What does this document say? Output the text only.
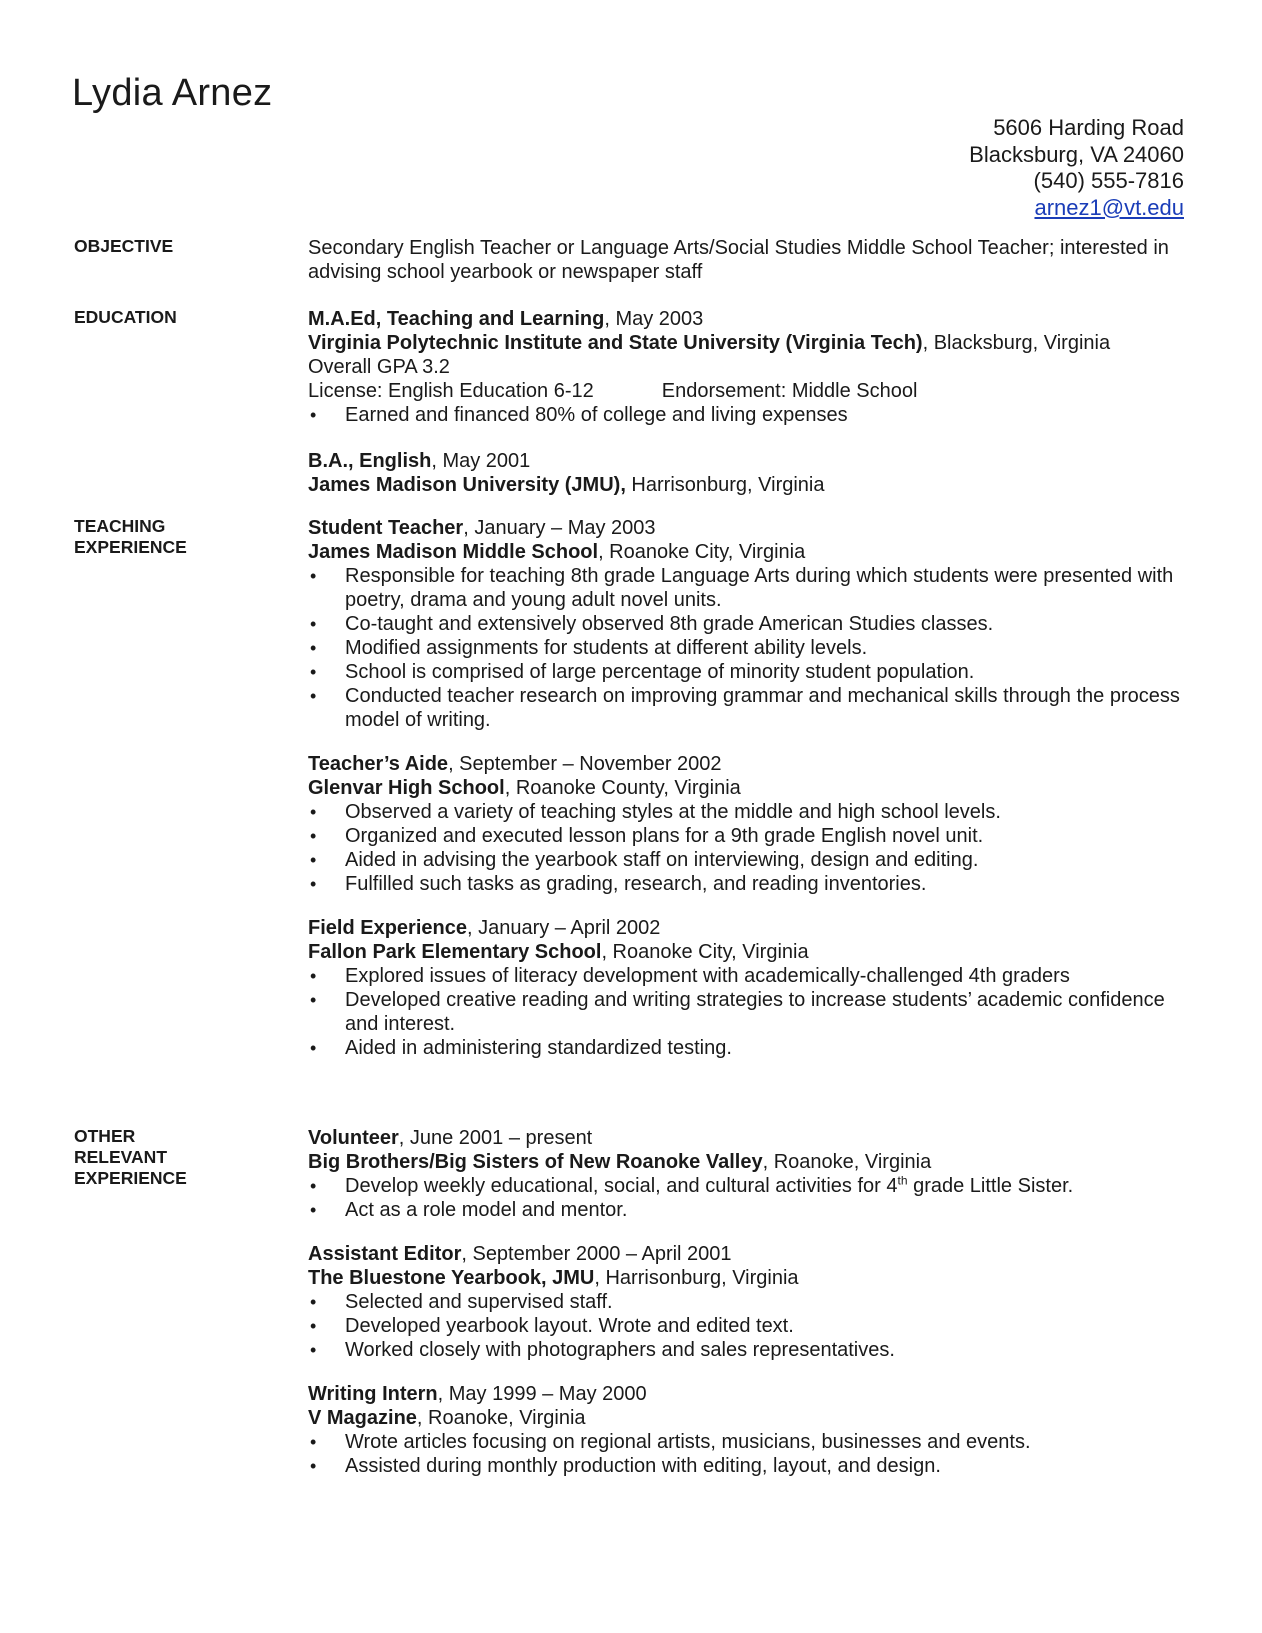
Lydia Arnez
5606 Harding Road
Blacksburg, VA 24060
(540) 555-7816
arnez1@vt.edu
OBJECTIVE	Secondary English Teacher or Language Arts/Social Studies Middle School Teacher; interested in advising school yearbook or newspaper staff
EDUCATION	M.A.Ed, Teaching and Learning, May 2003
Virginia Polytechnic Institute and State University (Virginia Tech), Blacksburg, Virginia
Overall GPA 3.2
License: English Education 6-12	Endorsement: Middle School
• Earned and financed 80% of college and living expenses
B.A., English, May 2001
James Madison University (JMU), Harrisonburg, Virginia
TEACHING
EXPERIENCE
Student Teacher, January – May 2003
James Madison Middle School, Roanoke City, Virginia
• Responsible for teaching 8th grade Language Arts during which students were presented with poetry, drama and young adult novel units.
• Co-taught and extensively observed 8th grade American Studies classes.
• Modified assignments for students at different ability levels.
• School is comprised of large percentage of minority student population.
• Conducted teacher research on improving grammar and mechanical skills through the process model of writing.
Teacher’s Aide, September – November 2002
Glenvar High School, Roanoke County, Virginia
• Observed a variety of teaching styles at the middle and high school levels.
• Organized and executed lesson plans for a 9th grade English novel unit.
• Aided in advising the yearbook staff on interviewing, design and editing.
• Fulfilled such tasks as grading, research, and reading inventories.
Field Experience, January – April 2002
Fallon Park Elementary School, Roanoke City, Virginia
• Explored issues of literacy development with academically-challenged 4th graders
• Developed creative reading and writing strategies to increase students’ academic confidence and interest.
• Aided in administering standardized testing.
OTHER
RELEVANT
EXPERIENCE
Volunteer, June 2001 – present
Big Brothers/Big Sisters of New Roanoke Valley, Roanoke, Virginia
• Develop weekly educational, social, and cultural activities for 4th grade Little Sister.
• Act as a role model and mentor.
Assistant Editor, September 2000 – April 2001
The Bluestone Yearbook, JMU, Harrisonburg, Virginia
• Selected and supervised staff.
• Developed yearbook layout. Wrote and edited text.
• Worked closely with photographers and sales representatives.
Writing Intern, May 1999 – May 2000
V Magazine, Roanoke, Virginia
• Wrote articles focusing on regional artists, musicians, businesses and events.
• Assisted during monthly production with editing, layout, and design.
